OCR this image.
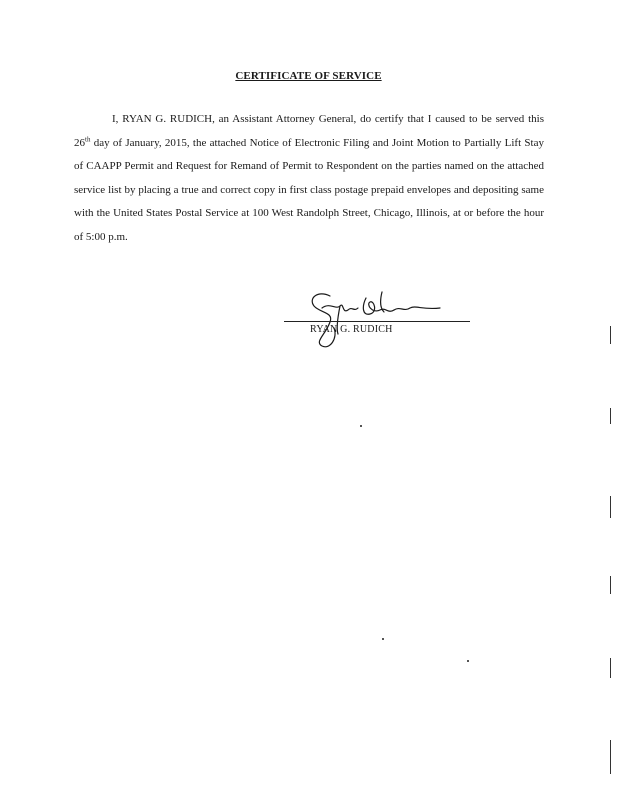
CERTIFICATE OF SERVICE

I, RYAN G. RUDICH, an Assistant Attorney General, do certify that I caused to be served this 26th day of January, 2015, the attached Notice of Electronic Filing and Joint Motion to Partially Lift Stay of CAAPP Permit and Request for Remand of Permit to Respondent on the parties named on the attached service list by placing a true and correct copy in first class postage prepaid envelopes and depositing same with the United States Postal Service at 100 West Randolph Street, Chicago, Illinois, at or before the hour of 5:00 p.m.

RYAN G. RUDICH
